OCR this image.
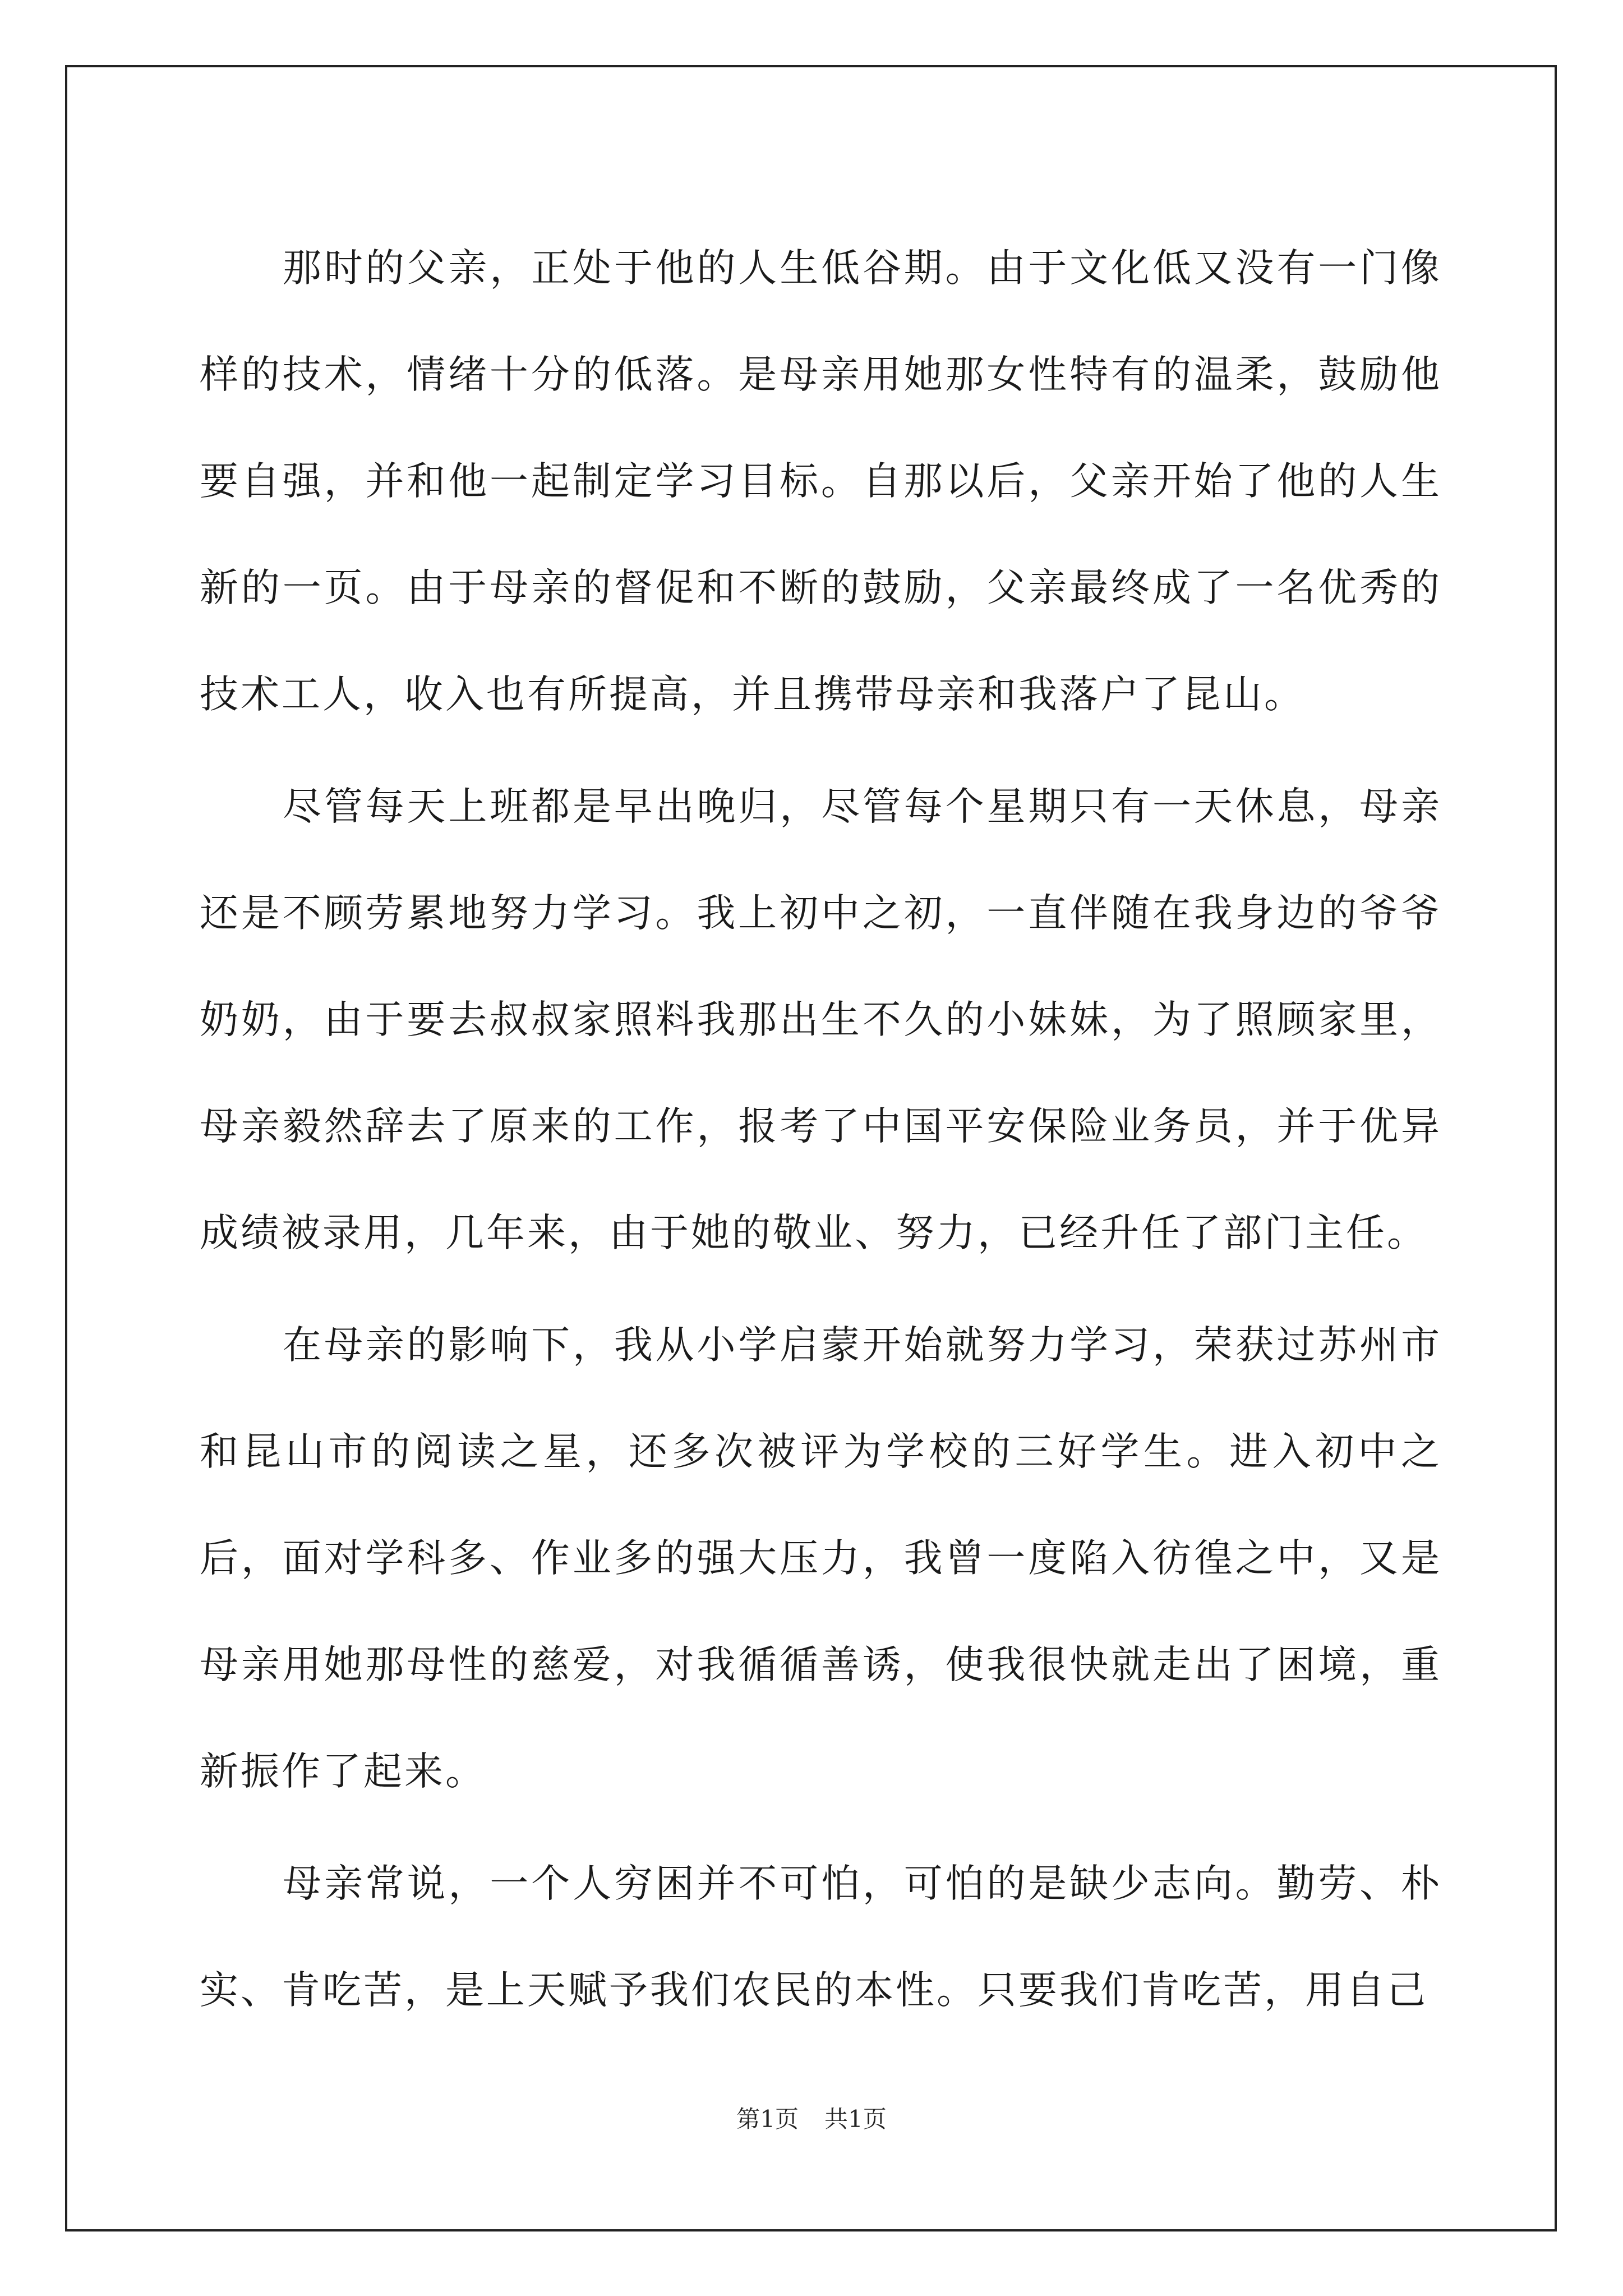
那时的父亲，正处于他的人生低谷期。由于文化低又没有一门像样的技术，情绪十分的低落。是母亲用她那女性特有的温柔，鼓励他要自强，并和他一起制定学习目标。自那以后，父亲开始了他的人生新的一页。由于母亲的督促和不断的鼓励，父亲最终成了一名优秀的技术工人，收入也有所提高，并且携带母亲和我落户了昆山。

尽管每天上班都是早出晚归，尽管每个星期只有一天休息，母亲还是不顾劳累地努力学习。我上初中之初，一直伴随在我身边的爷爷奶奶，由于要去叔叔家照料我那出生不久的小妹妹，为了照顾家里，母亲毅然辞去了原来的工作，报考了中国平安保险业务员，并于优异成绩被录用，几年来，由于她的敬业、努力，已经升任了部门主任。

在母亲的影响下，我从小学启蒙开始就努力学习，荣获过苏州市和昆山市的阅读之星，还多次被评为学校的三好学生。进入初中之后，面对学科多、作业多的强大压力，我曾一度陷入彷徨之中，又是母亲用她那母性的慈爱，对我循循善诱，使我很快就走出了困境，重新振作了起来。

母亲常说，一个人穷困并不可怕，可怕的是缺少志向。勤劳、朴实、肯吃苦，是上天赋予我们农民的本性。只要我们肯吃苦，用自己

第1页 共1页
